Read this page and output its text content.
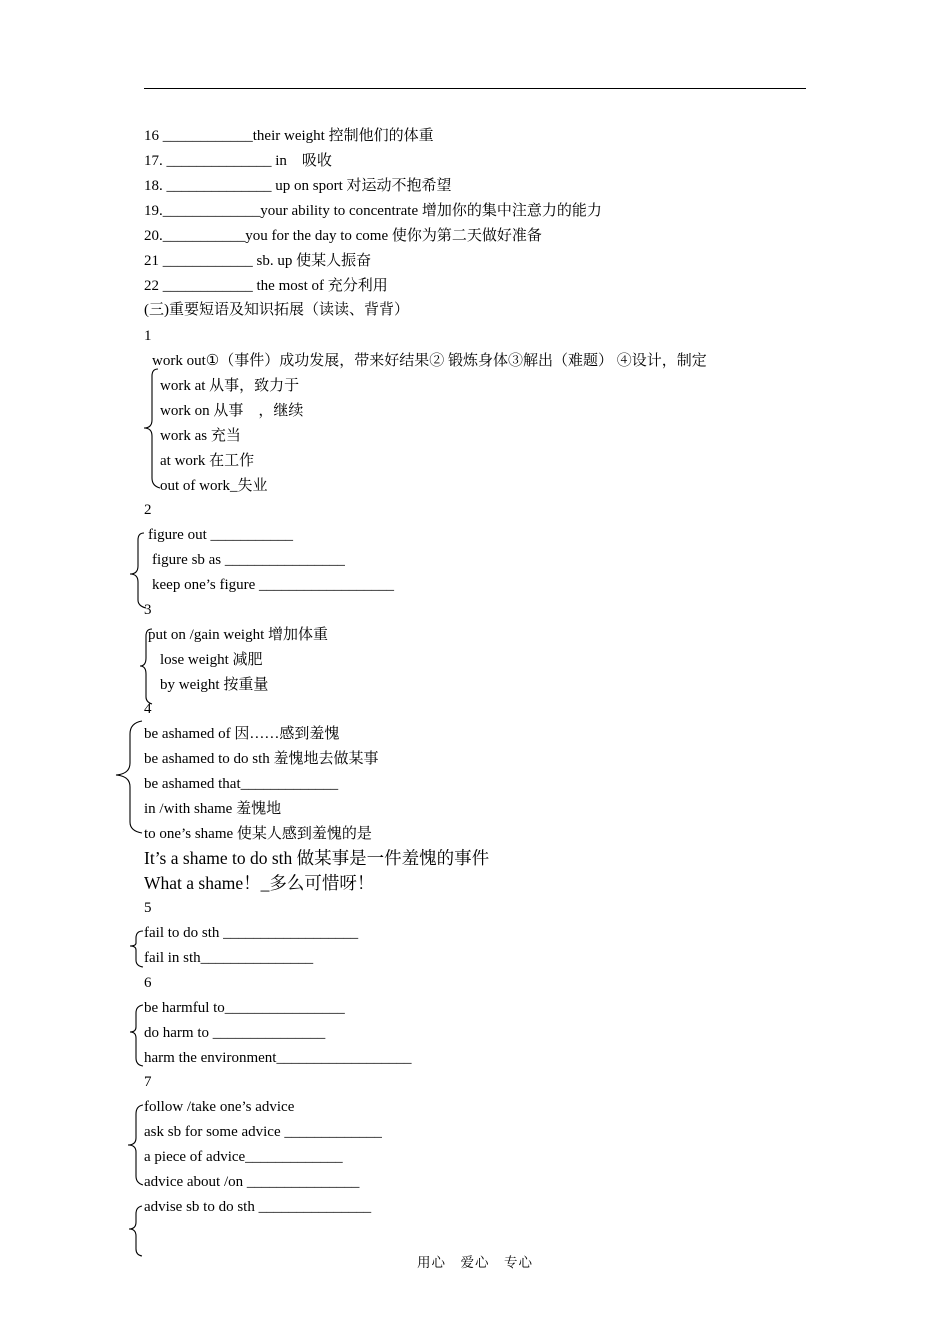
16 ____________their weight 控制他们的体重
17. ______________ in　吸收
18. ______________ up on sport 对运动不抱希望
19._____________your ability to concentrate 增加你的集中注意力的能力
20.___________you for the day to come 使你为第二天做好准备
21 ____________ sb. up 使某人振奋
22 ____________ the most of 充分利用
(三)重要短语及知识拓展（读读、背背）
1
work out①（事件）成功发展，带来好结果② 锻炼身体③解出（难题） ④设计，制定
work at 从事，致力于
work on 从事　，继续
work as 充当
at work 在工作
out of work_失业
2
figure out ___________
figure sb as ________________
keep one’s figure __________________
3
put on /gain weight 增加体重
lose weight 减肥
by weight 按重量
4
be ashamed of 因……感到羞愧
be ashamed to do sth 羞愧地去做某事
be ashamed that_____________
in /with shame 羞愧地
to one’s shame 使某人感到羞愧的是
It’s a shame to do sth 做某事是一件羞愧的事件
What a shame！_多么可惜呀！
5
fail to do sth __________________
fail in sth_______________
6
be harmful to________________
do harm to _______________
harm the environment__________________
7
follow /take one’s advice
ask sb for some advice _____________
a piece of advice_____________
advice about /on _______________
advise sb to do sth _______________
用心　爱心　专心
